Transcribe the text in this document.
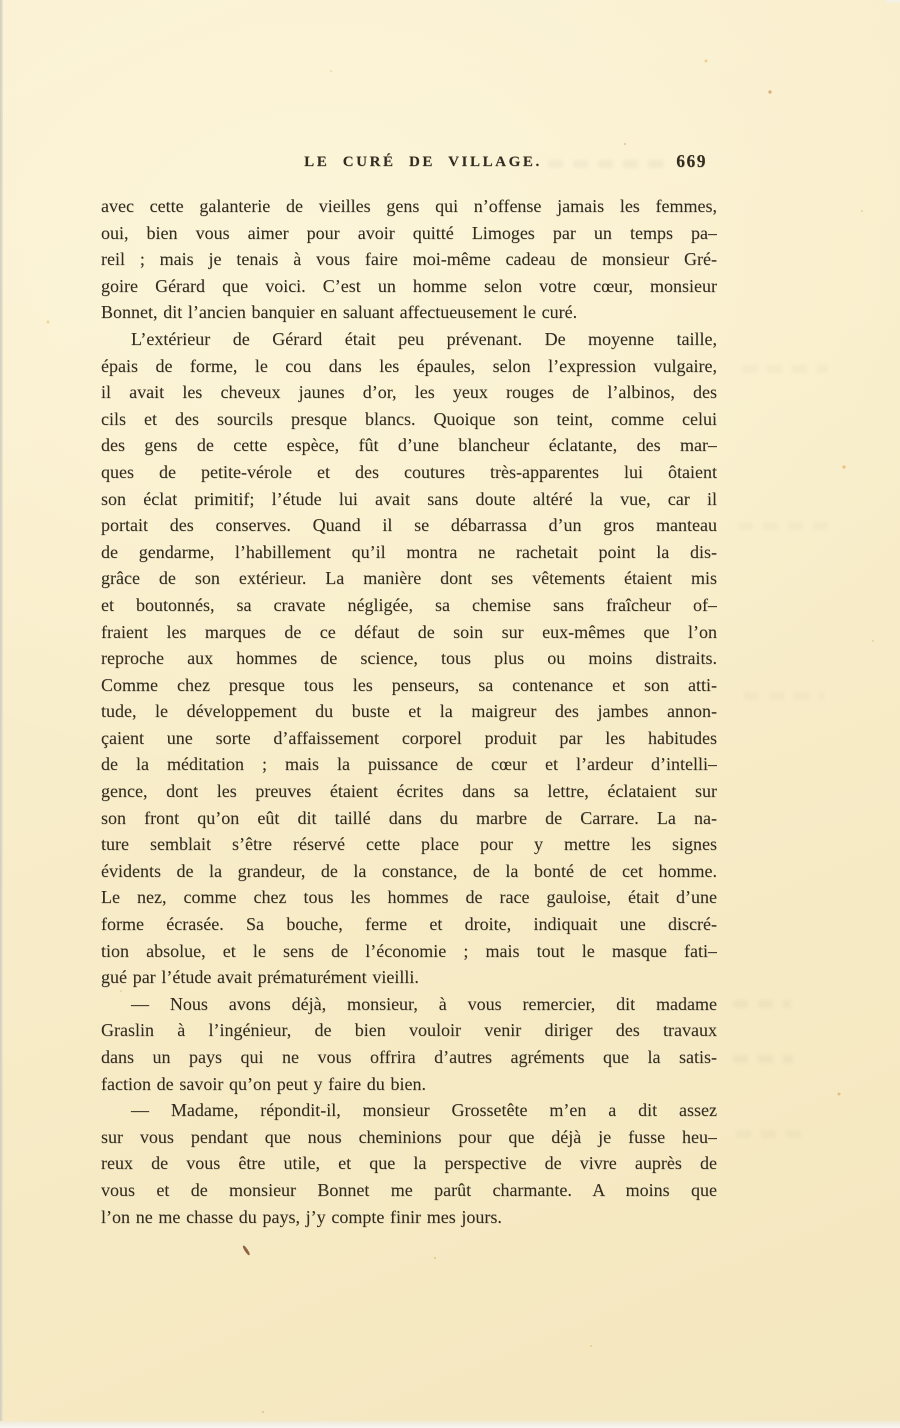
LE CURÉ DE VILLAGE.	669
avec cette galanterie de vieilles gens qui n’offense jamais les femmes,
oui, bien vous aimer pour avoir quitté Limoges par un temps pa–
reil ; mais je tenais à vous faire moi-même cadeau de monsieur Gré-
goire Gérard que voici. C’est un homme selon votre cœur, monsieur
Bonnet, dit l’ancien banquier en saluant affectueusement le curé.
L’extérieur de Gérard était peu prévenant. De moyenne taille,
épais de forme, le cou dans les épaules, selon l’expression vulgaire,
il avait les cheveux jaunes d’or, les yeux rouges de l’albinos, des
cils et des sourcils presque blancs. Quoique son teint, comme celui
des gens de cette espèce, fût d’une blancheur éclatante, des mar–
ques de petite-vérole et des coutures très-apparentes lui ôtaient
son éclat primitif; l’étude lui avait sans doute altéré la vue, car il
portait des conserves. Quand il se débarrassa d’un gros manteau
de gendarme, l’habillement qu’il montra ne rachetait point la dis-
grâce de son extérieur. La manière dont ses vêtements étaient mis
et boutonnés, sa cravate négligée, sa chemise sans fraîcheur of–
fraient les marques de ce défaut de soin sur eux-mêmes que l’on
reproche aux hommes de science, tous plus ou moins distraits.
Comme chez presque tous les penseurs, sa contenance et son atti-
tude, le développement du buste et la maigreur des jambes annon-
çaient une sorte d’affaissement corporel produit par les habitudes
de la méditation ; mais la puissance de cœur et l’ardeur d’intelli–
gence, dont les preuves étaient écrites dans sa lettre, éclataient sur
son front qu’on eût dit taillé dans du marbre de Carrare. La na-
ture semblait s’être réservé cette place pour y mettre les signes
évidents de la grandeur, de la constance, de la bonté de cet homme.
Le nez, comme chez tous les hommes de race gauloise, était d’une
forme écrasée. Sa bouche, ferme et droite, indiquait une discré-
tion absolue, et le sens de l’économie ; mais tout le masque fati–
gué par l’étude avait prématurément vieilli.
— Nous avons déjà, monsieur, à vous remercier, dit madame
Graslin à l’ingénieur, de bien vouloir venir diriger des travaux
dans un pays qui ne vous offrira d’autres agréments que la satis-
faction de savoir qu’on peut y faire du bien.
— Madame, répondit-il, monsieur Grossetête m’en a dit assez
sur vous pendant que nous cheminions pour que déjà je fusse heu–
reux de vous être utile, et que la perspective de vivre auprès de
vous et de monsieur Bonnet me parût charmante. A moins que
l’on ne me chasse du pays, j’y compte finir mes jours.
